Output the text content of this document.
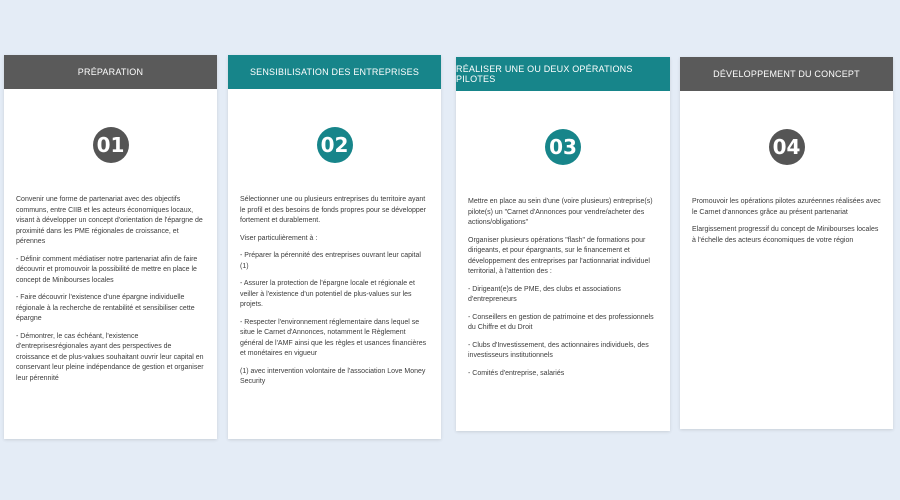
PRÉPARATION
01

Convenir une forme de partenariat avec des objectifs communs, entre CIIB et les acteurs économiques locaux, visant à développer un concept d'orientation de l'épargne de proximité dans les PME régionales de croissance, et pérennes

- Définir comment médiatiser notre partenariat afin de faire découvrir et promouvoir la possibilité de mettre en place le concept de Minibourses locales

- Faire découvrir l'existence d'une épargne individuelle régionale à la recherche de rentabilité et sensibiliser cette épargne

- Démontrer, le cas échéant, l'existence d'entreprisesrégionales ayant des perspectives de croissance et de plus-values souhaitant ouvrir leur capital en conservant leur pleine indépendance de gestion et organiser leur pérennité

SENSIBILISATION DES ENTREPRISES
02

Sélectionner une ou plusieurs entreprises du territoire ayant le profil et des besoins de fonds propres pour se développer fortement et durablement.

Viser particulièrement à :

- Préparer la pérennité des entreprises ouvrant leur capital (1)

- Assurer la protection de l'épargne locale et régionale et veiller à l'existence d'un potentiel de plus-values sur les projets.

- Respecter l'environnement réglementaire dans lequel se situe le Carnet d'Annonces, notamment le Règlement général de l'AMF ainsi que les règles et usances financières et monétaires en vigueur

(1) avec intervention volontaire de l'association Love Money Security

RÉALISER UNE OU DEUX OPÉRATIONS PILOTES
03

Mettre en place au sein d'une (voire plusieurs) entreprise(s) pilote(s) un "Carnet d'Annonces pour vendre/acheter des actions/obligations"

Organiser plusieurs opérations "flash" de formations pour dirigeants, et pour épargnants, sur le financement et développement des entreprises par l'actionnariat individuel territorial, à l'attention des :

- Dirigeant(e)s de PME, des clubs et associations d'entrepreneurs

- Conseillers en gestion de patrimoine et des professionnels du Chiffre et du Droit

- Clubs d'Investissement, des actionnaires individuels, des investisseurs institutionnels

- Comités d'entreprise, salariés

DÉVELOPPEMENT DU CONCEPT
04

Promouvoir les opérations pilotes azuréennes réalisées avec le Carnet d'annonces grâce au présent partenariat

Elargissement progressif du concept de Minibourses locales à l'échelle des acteurs économiques de votre région
